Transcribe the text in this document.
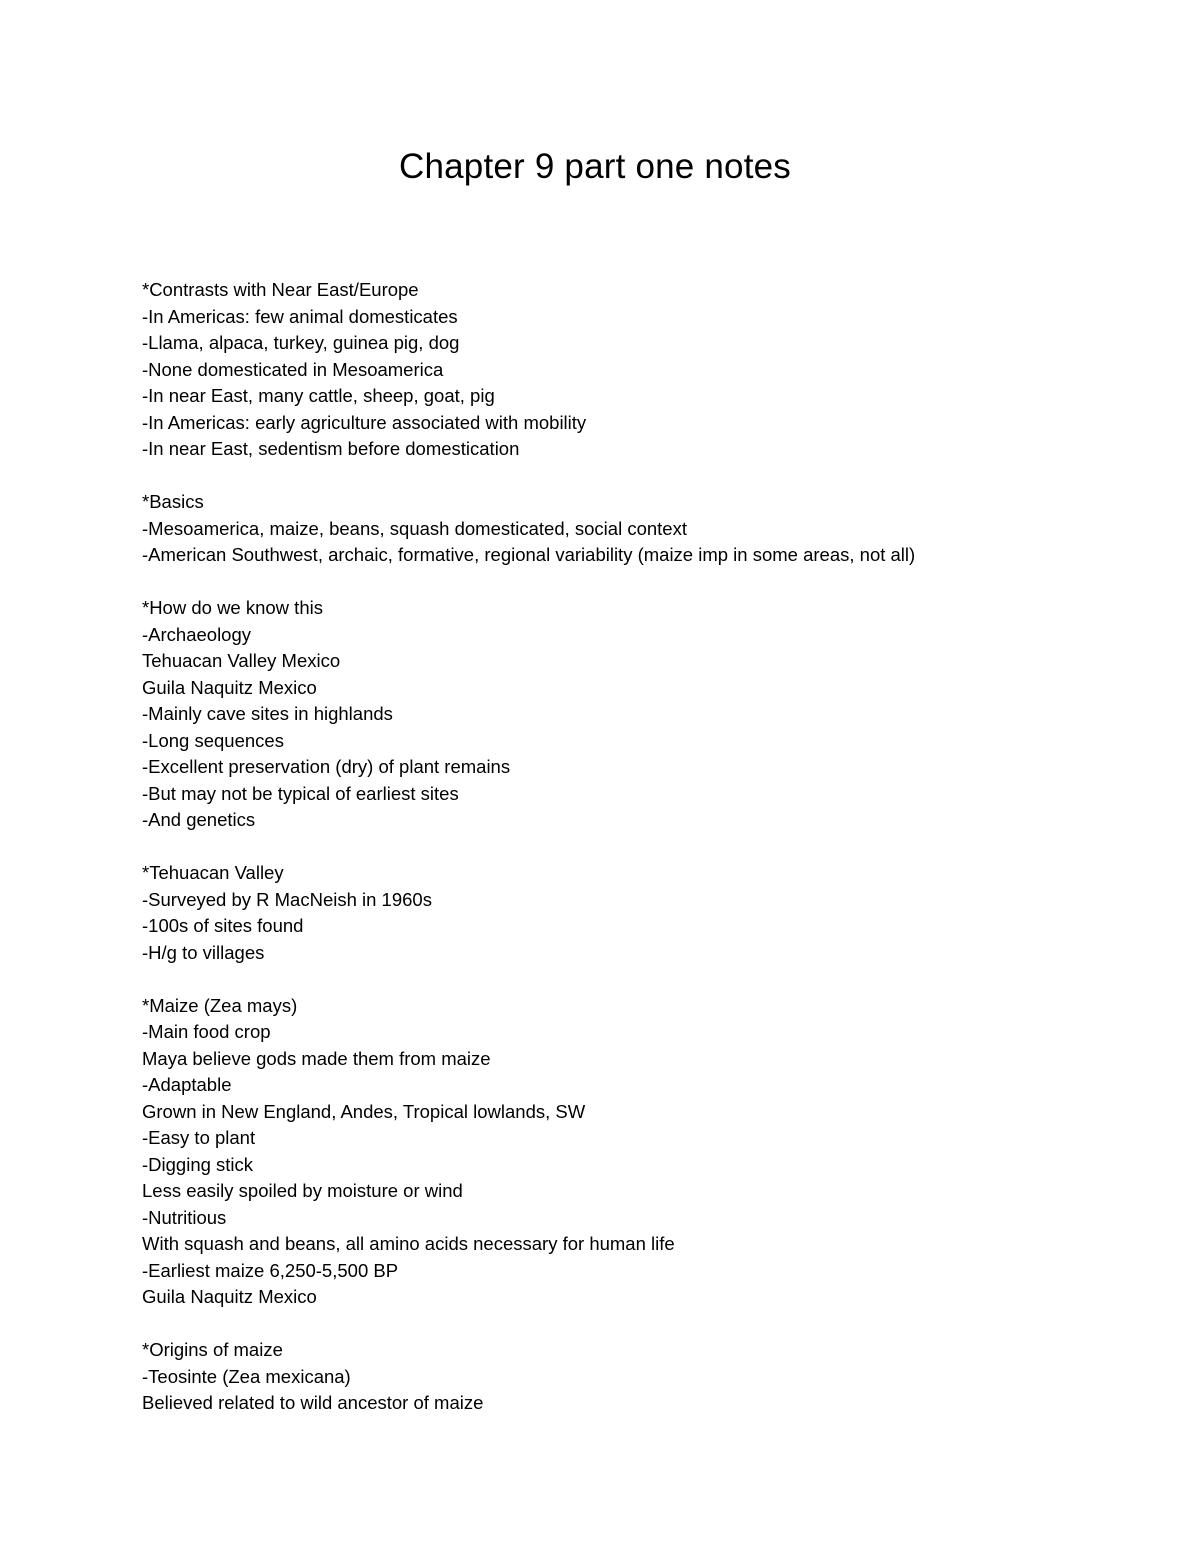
Chapter 9 part one notes
*Contrasts with Near East/Europe
-In Americas: few animal domesticates
-Llama, alpaca, turkey, guinea pig, dog
-None domesticated in Mesoamerica
-In near East, many cattle, sheep, goat, pig
-In Americas: early agriculture associated with mobility
-In near East, sedentism before domestication
*Basics
-Mesoamerica, maize, beans, squash domesticated, social context
-American Southwest, archaic, formative, regional variability (maize imp in some areas, not all)
*How do we know this
-Archaeology
Tehuacan Valley Mexico
Guila Naquitz Mexico
-Mainly cave sites in highlands
-Long sequences
-Excellent preservation (dry) of plant remains
-But may not be typical of earliest sites
-And genetics
*Tehuacan Valley
-Surveyed by R MacNeish in 1960s
-100s of sites found
-H/g to villages
*Maize (Zea mays)
-Main food crop
Maya believe gods made them from maize
-Adaptable
Grown in New England, Andes, Tropical lowlands, SW
-Easy to plant
-Digging stick
Less easily spoiled by moisture or wind
-Nutritious
With squash and beans, all amino acids necessary for human life
-Earliest maize 6,250-5,500 BP
Guila Naquitz Mexico
*Origins of maize
-Teosinte (Zea mexicana)
Believed related to wild ancestor of maize
